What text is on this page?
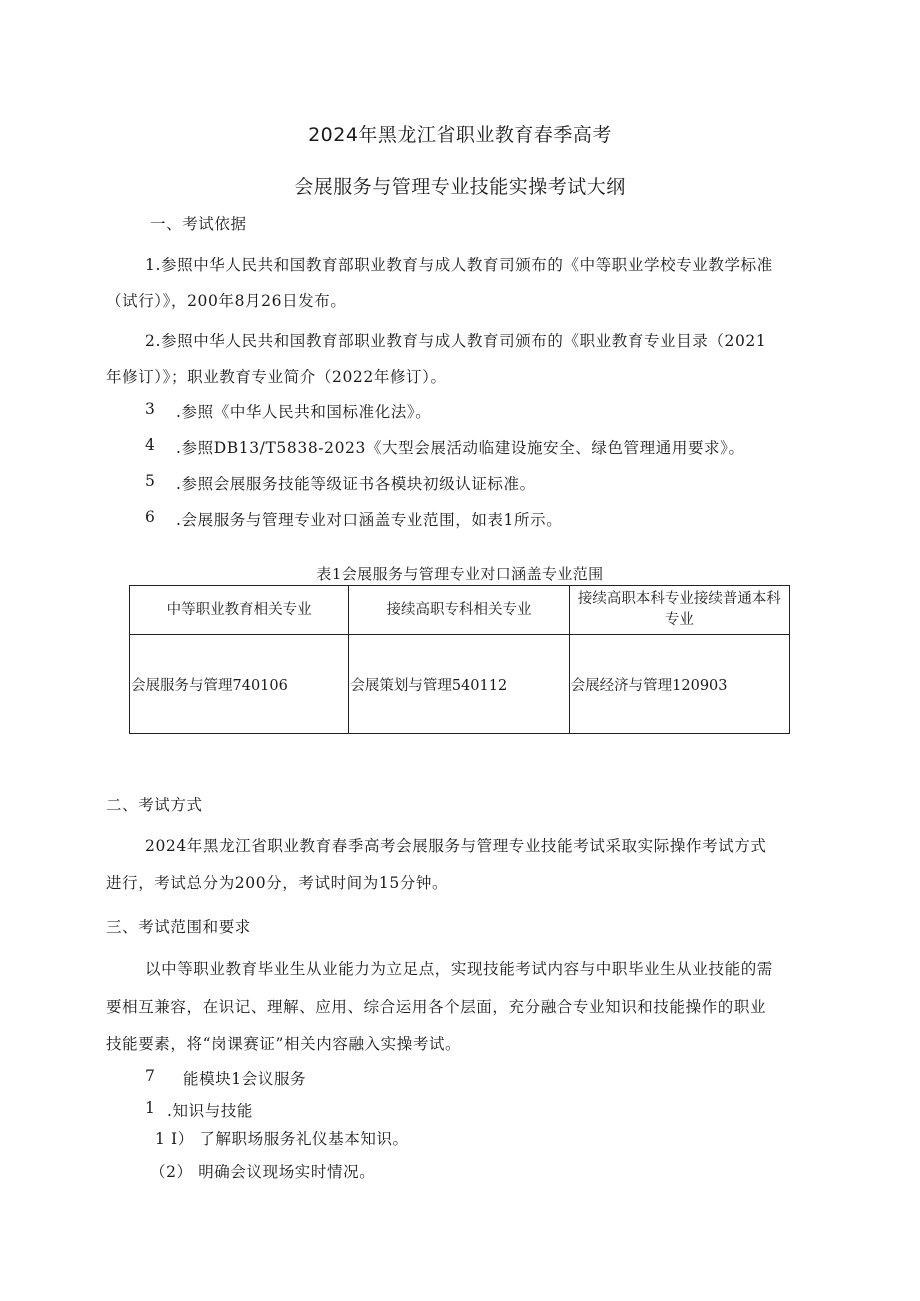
2024年黑龙江省职业教育春季高考
会展服务与管理专业技能实操考试大纲
一、考试依据
1.参照中华人民共和国教育部职业教育与成人教育司颁布的《中等职业学校专业教学标准
（试行）》，200年8月26日发布。
2.参照中华人民共和国教育部职业教育与成人教育司颁布的《职业教育专业目录（2021
年修订）》；职业教育专业简介（2022年修订）。
3 .参照《中华人民共和国标准化法》。
4 .参照DB13/T5838-2023《大型会展活动临建设施安全、绿色管理通用要求》。
5 .参照会展服务技能等级证书各模块初级认证标准。
6 .会展服务与管理专业对口涵盖专业范围，如表1所示。
表1会展服务与管理专业对口涵盖专业范围
中等职业教育相关专业	接续高职专科相关专业	接续高职本科专业接续普通本科
专业
会展服务与管理740106	会展策划与管理540112	会展经济与管理120903
二、考试方式
2024年黑龙江省职业教育春季高考会展服务与管理专业技能考试采取实际操作考试方式
进行，考试总分为200分，考试时间为15分钟。
三、考试范围和要求
以中等职业教育毕业生从业能力为立足点，实现技能考试内容与中职毕业生从业技能的需
要相互兼容，在识记、理解、应用、综合运用各个层面，充分融合专业知识和技能操作的职业
技能要素，将“岗课赛证”相关内容融入实操考试。
7 能模块1会议服务
1 .知识与技能
1 I） 了解职场服务礼仪基本知识。
（2） 明确会议现场实时情况。
